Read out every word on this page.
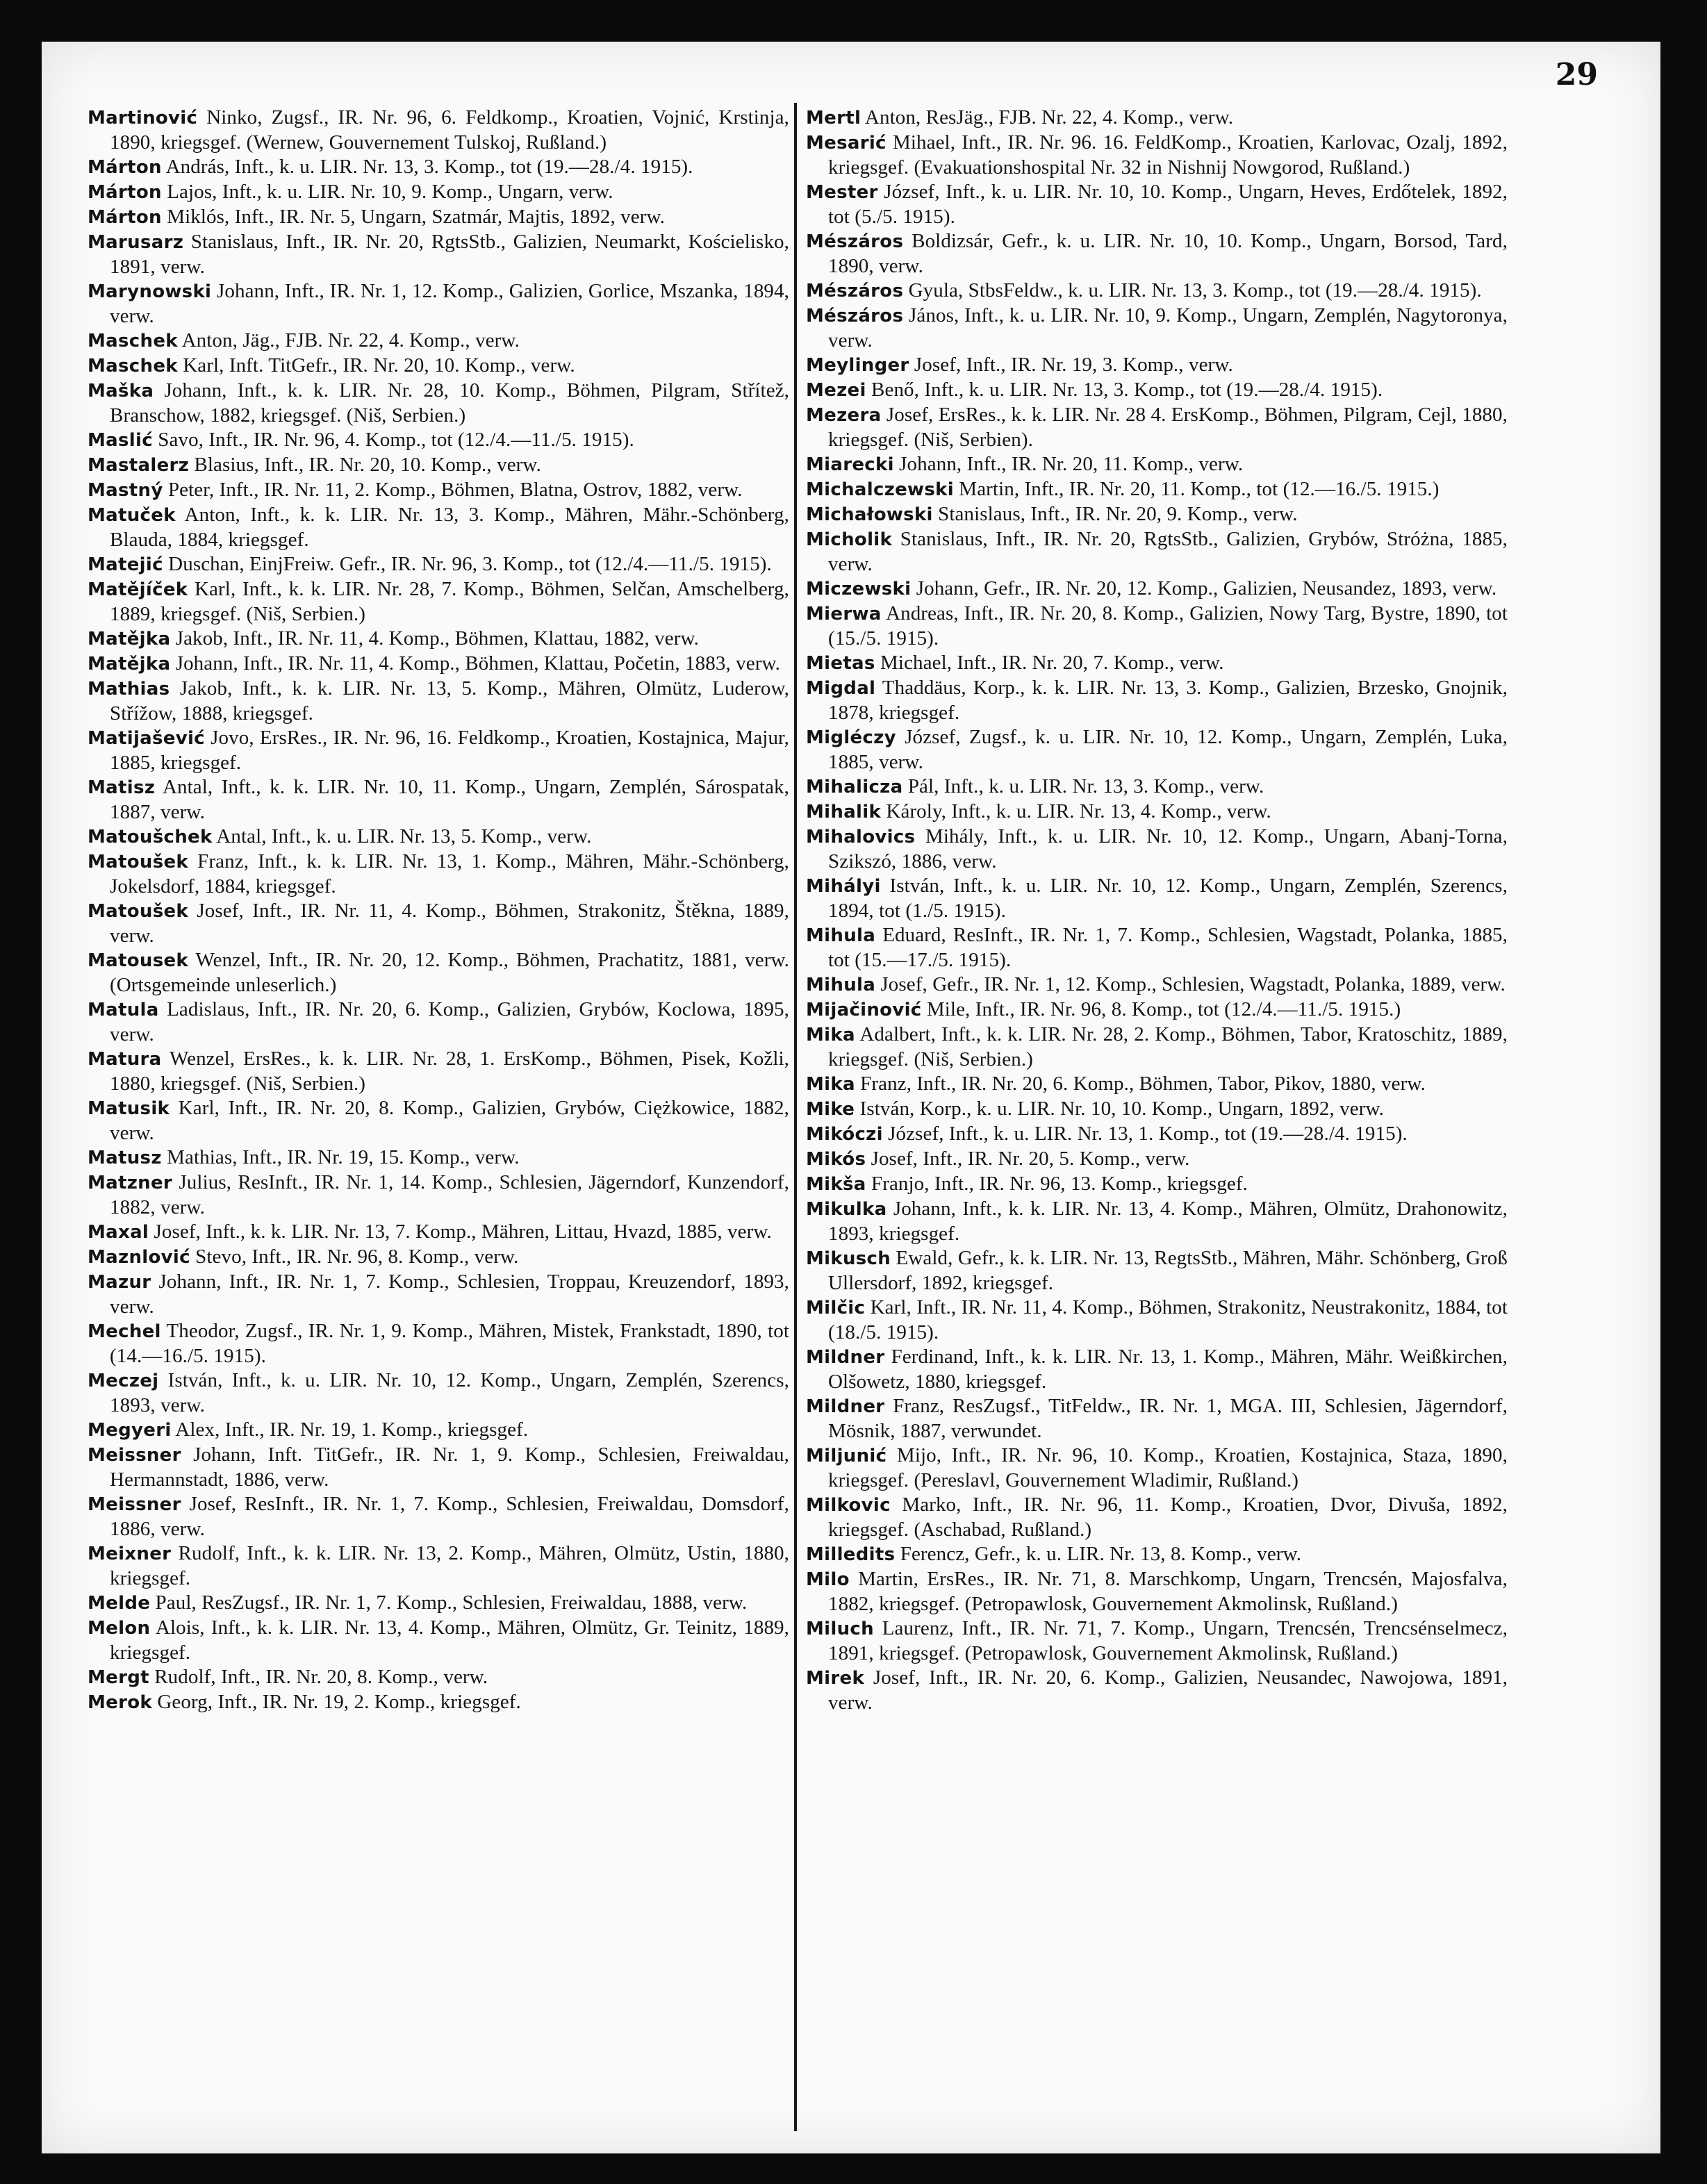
29

Martinović Ninko, Zugsf., IR. Nr. 96, 6. Feldkomp., Kroatien, Vojnić, Krstinja, 1890, kriegsgef. (Wernew, Gouvernement Tulskoj, Rußland.)

Márton András, Inft., k. u. LIR. Nr. 13, 3. Komp., tot (19.—28./4. 1915).

Márton Lajos, Inft., k. u. LIR. Nr. 10, 9. Komp., Ungarn, verw.

Márton Miklós, Inft., IR. Nr. 5, Ungarn, Szatmár, Majtis, 1892, verw.

Marusarz Stanislaus, Inft., IR. Nr. 20, RgtsStb., Galizien, Neumarkt, Kościelisko, 1891, verw.

Marynowski Johann, Inft., IR. Nr. 1, 12. Komp., Galizien, Gorlice, Mszanka, 1894, verw.

Maschek Anton, Jäg., FJB. Nr. 22, 4. Komp., verw.

Maschek Karl, Inft. TitGefr., IR. Nr. 20, 10. Komp., verw.

Maška Johann, Inft., k. k. LIR. Nr. 28, 10. Komp., Böhmen, Pilgram, Střítež, Branschow, 1882, kriegsgef. (Niš, Serbien.)

Maslić Savo, Inft., IR. Nr. 96, 4. Komp., tot (12./4.—11./5. 1915).

Mastalerz Blasius, Inft., IR. Nr. 20, 10. Komp., verw.

Mastný Peter, Inft., IR. Nr. 11, 2. Komp., Böhmen, Blatna, Ostrov, 1882, verw.

Matuček Anton, Inft., k. k. LIR. Nr. 13, 3. Komp., Mähren, Mähr.-Schönberg, Blauda, 1884, kriegsgef.

Matejić Duschan, EinjFreiw. Gefr., IR. Nr. 96, 3. Komp., tot (12./4.—11./5. 1915).

Matějíček Karl, Inft., k. k. LIR. Nr. 28, 7. Komp., Böhmen, Selčan, Amschelberg, 1889, kriegsgef. (Niš, Serbien.)

Matějka Jakob, Inft., IR. Nr. 11, 4. Komp., Böhmen, Klattau, 1882, verw.

Matějka Johann, Inft., IR. Nr. 11, 4. Komp., Böhmen, Klattau, Početin, 1883, verw.

Mathias Jakob, Inft., k. k. LIR. Nr. 13, 5. Komp., Mähren, Olmütz, Luderow, Střížow, 1888, kriegsgef.

Matijašević Jovo, ErsRes., IR. Nr. 96, 16. Feldkomp., Kroatien, Kostajnica, Majur, 1885, kriegsgef.

Matisz Antal, Inft., k. k. LIR. Nr. 10, 11. Komp., Ungarn, Zemplén, Sárospatak, 1887, verw.

Matoušchek Antal, Inft., k. u. LIR. Nr. 13, 5. Komp., verw.

Matoušek Franz, Inft., k. k. LIR. Nr. 13, 1. Komp., Mähren, Mähr.-Schönberg, Jokelsdorf, 1884, kriegsgef.

Matoušek Josef, Inft., IR. Nr. 11, 4. Komp., Böhmen, Strakonitz, Štěkna, 1889, verw.

Matousek Wenzel, Inft., IR. Nr. 20, 12. Komp., Böhmen, Prachatitz, 1881, verw. (Ortsgemeinde unleserlich.)

Matula Ladislaus, Inft., IR. Nr. 20, 6. Komp., Galizien, Grybów, Koclowa, 1895, verw.

Matura Wenzel, ErsRes., k. k. LIR. Nr. 28, 1. ErsKomp., Böhmen, Pisek, Kožli, 1880, kriegsgef. (Niš, Serbien.)

Matusik Karl, Inft., IR. Nr. 20, 8. Komp., Galizien, Grybów, Ciężkowice, 1882, verw.

Matusz Mathias, Inft., IR. Nr. 19, 15. Komp., verw.

Matzner Julius, ResInft., IR. Nr. 1, 14. Komp., Schlesien, Jägerndorf, Kunzendorf, 1882, verw.

Maxal Josef, Inft., k. k. LIR. Nr. 13, 7. Komp., Mähren, Littau, Hvazd, 1885, verw.

Maznlović Stevo, Inft., IR. Nr. 96, 8. Komp., verw.

Mazur Johann, Inft., IR. Nr. 1, 7. Komp., Schlesien, Troppau, Kreuzendorf, 1893, verw.

Mechel Theodor, Zugsf., IR. Nr. 1, 9. Komp., Mähren, Mistek, Frankstadt, 1890, tot (14.—16./5. 1915).

Meczej István, Inft., k. u. LIR. Nr. 10, 12. Komp., Ungarn, Zemplén, Szerencs, 1893, verw.

Megyeri Alex, Inft., IR. Nr. 19, 1. Komp., kriegsgef.

Meissner Johann, Inft. TitGefr., IR. Nr. 1, 9. Komp., Schlesien, Freiwaldau, Hermannstadt, 1886, verw.

Meissner Josef, ResInft., IR. Nr. 1, 7. Komp., Schlesien, Freiwaldau, Domsdorf, 1886, verw.

Meixner Rudolf, Inft., k. k. LIR. Nr. 13, 2. Komp., Mähren, Olmütz, Ustin, 1880, kriegsgef.

Melde Paul, ResZugsf., IR. Nr. 1, 7. Komp., Schlesien, Freiwaldau, 1888, verw.

Melon Alois, Inft., k. k. LIR. Nr. 13, 4. Komp., Mähren, Olmütz, Gr. Teinitz, 1889, kriegsgef.

Mergt Rudolf, Inft., IR. Nr. 20, 8. Komp., verw.

Merok Georg, Inft., IR. Nr. 19, 2. Komp., kriegsgef.

Mertl Anton, ResJäg., FJB. Nr. 22, 4. Komp., verw.

Mesarić Mihael, Inft., IR. Nr. 96. 16. FeldKomp., Kroatien, Karlovac, Ozalj, 1892, kriegsgef. (Evakuationshospital Nr. 32 in Nishnij Nowgorod, Rußland.)

Mester József, Inft., k. u. LIR. Nr. 10, 10. Komp., Ungarn, Heves, Erdőtelek, 1892, tot (5./5. 1915).

Mészáros Boldizsár, Gefr., k. u. LIR. Nr. 10, 10. Komp., Ungarn, Borsod, Tard, 1890, verw.

Mészáros Gyula, StbsFeldw., k. u. LIR. Nr. 13, 3. Komp., tot (19.—28./4. 1915).

Mészáros János, Inft., k. u. LIR. Nr. 10, 9. Komp., Ungarn, Zemplén, Nagytoronya, verw.

Meylinger Josef, Inft., IR. Nr. 19, 3. Komp., verw.

Mezei Benő, Inft., k. u. LIR. Nr. 13, 3. Komp., tot (19.—28./4. 1915).

Mezera Josef, ErsRes., k. k. LIR. Nr. 28 4. ErsKomp., Böhmen, Pilgram, Cejl, 1880, kriegsgef. (Niš, Serbien).

Miarecki Johann, Inft., IR. Nr. 20, 11. Komp., verw.

Michalczewski Martin, Inft., IR. Nr. 20, 11. Komp., tot (12.—16./5. 1915.)

Michałowski Stanislaus, Inft., IR. Nr. 20, 9. Komp., verw.

Micholik Stanislaus, Inft., IR. Nr. 20, RgtsStb., Galizien, Grybów, Stróżna, 1885, verw.

Miczewski Johann, Gefr., IR. Nr. 20, 12. Komp., Galizien, Neusandez, 1893, verw.

Mierwa Andreas, Inft., IR. Nr. 20, 8. Komp., Galizien, Nowy Targ, Bystre, 1890, tot (15./5. 1915).

Mietas Michael, Inft., IR. Nr. 20, 7. Komp., verw.

Migdal Thaddäus, Korp., k. k. LIR. Nr. 13, 3. Komp., Galizien, Brzesko, Gnojnik, 1878, kriegsgef.

Migléczy József, Zugsf., k. u. LIR. Nr. 10, 12. Komp., Ungarn, Zemplén, Luka, 1885, verw.

Mihalicza Pál, Inft., k. u. LIR. Nr. 13, 3. Komp., verw.

Mihalik Károly, Inft., k. u. LIR. Nr. 13, 4. Komp., verw.

Mihalovics Mihály, Inft., k. u. LIR. Nr. 10, 12. Komp., Ungarn, Abanj-Torna, Szikszó, 1886, verw.

Mihályi István, Inft., k. u. LIR. Nr. 10, 12. Komp., Ungarn, Zemplén, Szerencs, 1894, tot (1./5. 1915).

Mihula Eduard, ResInft., IR. Nr. 1, 7. Komp., Schlesien, Wagstadt, Polanka, 1885, tot (15.—17./5. 1915).

Mihula Josef, Gefr., IR. Nr. 1, 12. Komp., Schlesien, Wagstadt, Polanka, 1889, verw.

Mijačinović Mile, Inft., IR. Nr. 96, 8. Komp., tot (12./4.—11./5. 1915.)

Mika Adalbert, Inft., k. k. LIR. Nr. 28, 2. Komp., Böhmen, Tabor, Kratoschitz, 1889, kriegsgef. (Niš, Serbien.)

Mika Franz, Inft., IR. Nr. 20, 6. Komp., Böhmen, Tabor, Pikov, 1880, verw.

Mike István, Korp., k. u. LIR. Nr. 10, 10. Komp., Ungarn, 1892, verw.

Mikóczi József, Inft., k. u. LIR. Nr. 13, 1. Komp., tot (19.—28./4. 1915).

Mikós Josef, Inft., IR. Nr. 20, 5. Komp., verw.

Mikša Franjo, Inft., IR. Nr. 96, 13. Komp., kriegsgef.

Mikulka Johann, Inft., k. k. LIR. Nr. 13, 4. Komp., Mähren, Olmütz, Drahonowitz, 1893, kriegsgef.

Mikusch Ewald, Gefr., k. k. LIR. Nr. 13, RegtsStb., Mähren, Mähr. Schönberg, Groß Ullersdorf, 1892, kriegsgef.

Milčic Karl, Inft., IR. Nr. 11, 4. Komp., Böhmen, Strakonitz, Neustrakonitz, 1884, tot (18./5. 1915).

Mildner Ferdinand, Inft., k. k. LIR. Nr. 13, 1. Komp., Mähren, Mähr. Weißkirchen, Olšowetz, 1880, kriegsgef.

Mildner Franz, ResZugsf., TitFeldw., IR. Nr. 1, MGA. III, Schlesien, Jägerndorf, Mösnik, 1887, verwundet.

Miljunić Mijo, Inft., IR. Nr. 96, 10. Komp., Kroatien, Kostajnica, Staza, 1890, kriegsgef. (Pereslavl, Gouvernement Wladimir, Rußland.)

Milkovic Marko, Inft., IR. Nr. 96, 11. Komp., Kroatien, Dvor, Divuša, 1892, kriegsgef. (Aschabad, Rußland.)

Milledits Ferencz, Gefr., k. u. LIR. Nr. 13, 8. Komp., verw.

Milo Martin, ErsRes., IR. Nr. 71, 8. Marschkomp, Ungarn, Trencsén, Majosfalva, 1882, kriegsgef. (Petropawlosk, Gouvernement Akmolinsk, Rußland.)

Miluch Laurenz, Inft., IR. Nr. 71, 7. Komp., Ungarn, Trencsén, Trencsénselmecz, 1891, kriegsgef. (Petropawlosk, Gouvernement Akmolinsk, Rußland.)

Mirek Josef, Inft., IR. Nr. 20, 6. Komp., Galizien, Neusandec, Nawojowa, 1891, verw.
